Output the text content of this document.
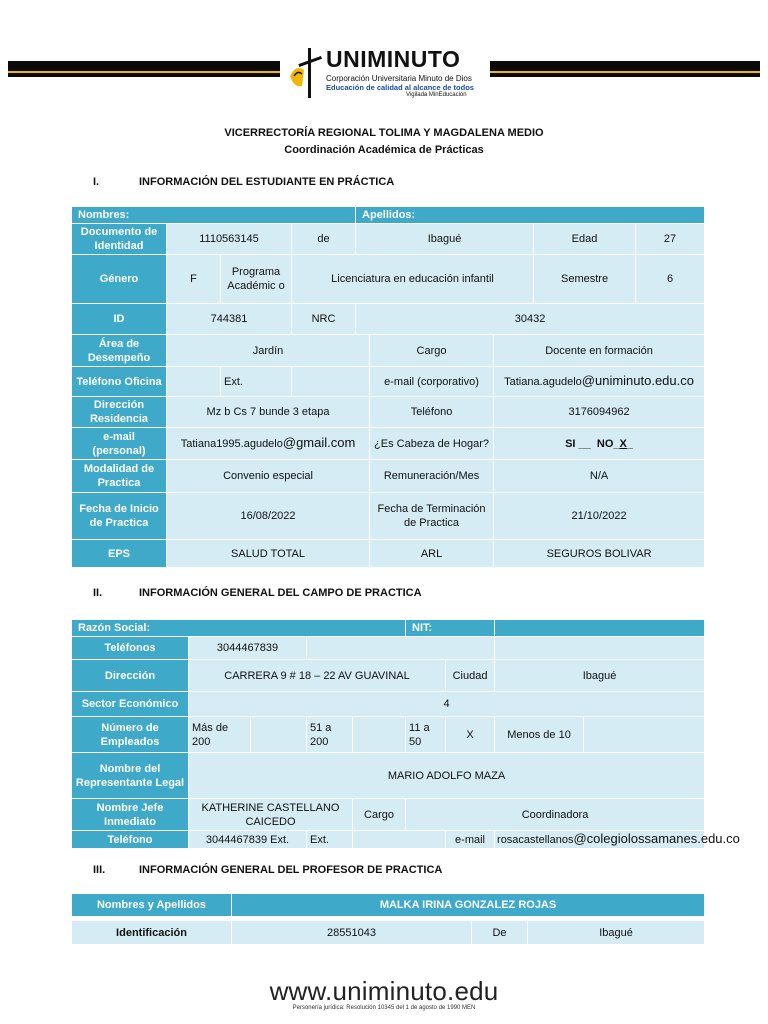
UNIMINUTO
Corporación Universitaria Minuto de Dios
Educación de calidad al alcance de todos
Vigilada MinEducación
VICERRECTORÍA REGIONAL TOLIMA Y MAGDALENA MEDIO
Coordinación Académica de Prácticas
I.	INFORMACIÓN DEL ESTUDIANTE EN PRÁCTICA
Nombres:				Apellidos:				
Documento de Identidad	1110563145		de	Ibagué			Edad	27
Género	F	Programa Académic o	Licenciatura en educación infantil				Semestre	6
ID	744381		NRC	30432				
Área de Desempeño	Jardín				Cargo	Docente en formación		
Teléfono Oficina		Ext.			e-mail (corporativo)	Tatiana.agudelo@uniminuto.edu.co		
Dirección Residencia	Mz b Cs 7 bunde 3 etapa				Teléfono	3176094962		
e-mail (personal)	Tatiana1995.agudelo@gmail.com				¿Es Cabeza de Hogar?	SI __ NO_X_		
Modalidad de Practica	Convenio especial				Remuneración/Mes	N/A		
Fecha de Inicio de Practica	16/08/2022				Fecha de Terminación de Practica	21/10/2022		
EPS	SALUD TOTAL				ARL	SEGUROS BOLIVAR		
II.	INFORMACIÓN GENERAL DEL CAMPO DE PRACTICA
Razón Social:					NIT:			
Teléfonos	3044467839							
Dirección	CARRERA 9 # 18 – 22 AV GUAVINAL					Ciudad	Ibagué	
Sector Económico	4							
Número de Empleados	Más de 200		51 a 200		11 a 50	X	Menos de 10	
Nombre del Representante Legal	MARIO ADOLFO MAZA							
Nombre Jefe Inmediato	KATHERINE CASTELLANO CAICEDO			Cargo	Coordinadora			
Teléfono	3044467839 Ext.		Ext.			e-mail	rosacastellanos@colegiolossamanes.edu.co	
III.	INFORMACIÓN GENERAL DEL PROFESOR DE PRACTICA
Nombres y Apellidos	MALKA IRINA GONZALEZ ROJAS		

Identificación	28551043	De	Ibagué
www.uniminuto.edu
Personería jurídica: Resolución 10345 del 1 de agosto de 1990 MEN
